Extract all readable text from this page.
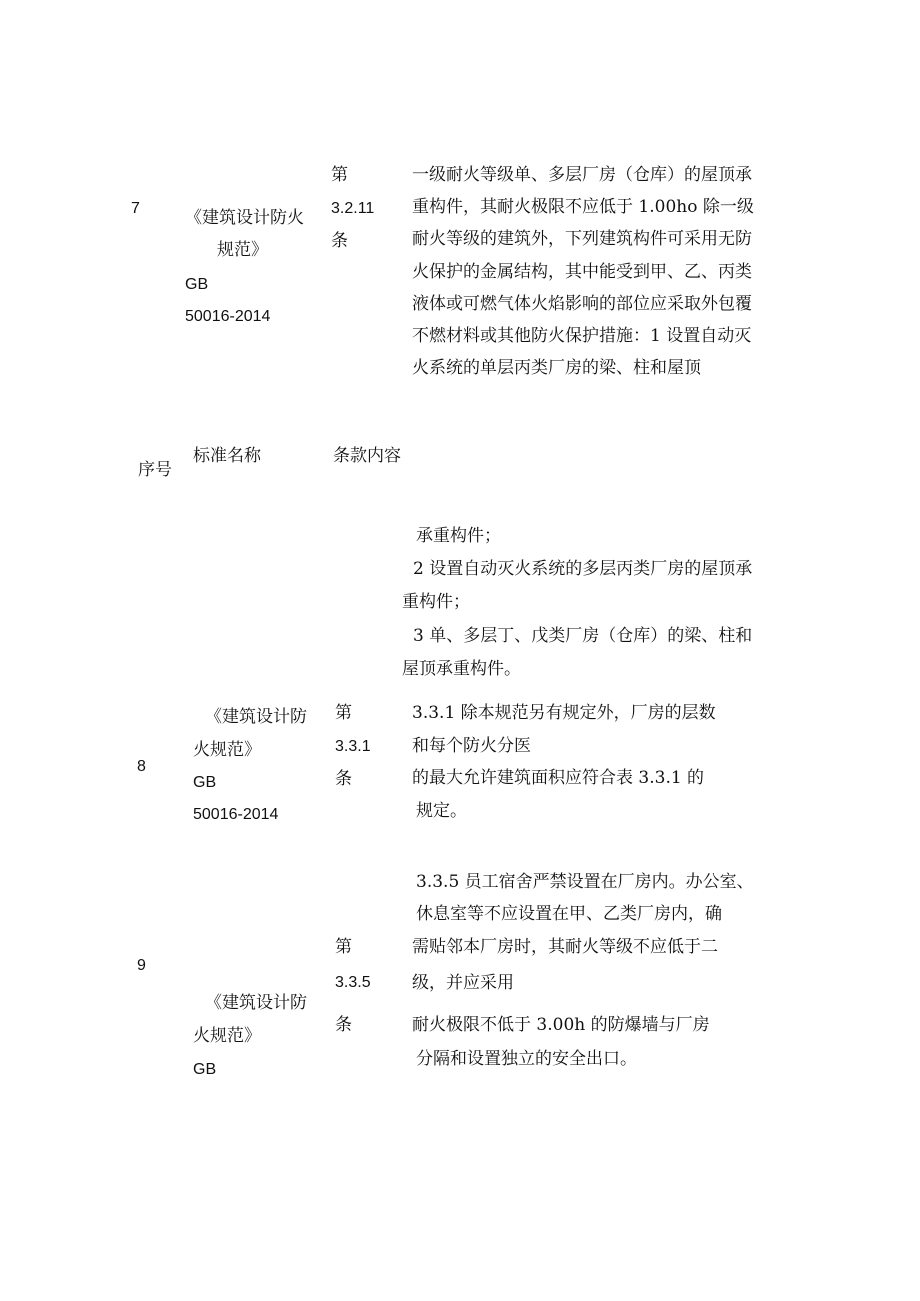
7	《建筑设计防火
规范》
GB
50016-2014
第
3.2.11
条
一级耐火等级单、多层厂房（仓库）的屋顶承
重构件，其耐火极限不应低于 1.00ho 除一级
耐火等级的建筑外，下列建筑构件可采用无防
火保护的金属结构，其中能受到甲、乙、丙类
液体或可燃气体火焰影响的部位应采取外包覆
不燃材料或其他防火保护措施：1 设置自动灭
火系统的单层丙类厂房的梁、柱和屋顶
序号
标准名称	条款内容
承重构件；
2 设置自动灭火系统的多层丙类厂房的屋顶承
重构件；
3 单、多层丁、戊类厂房（仓库）的梁、柱和
屋顶承重构件。
8
《建筑设计防
火规范》
GB
50016-2014
第
3.3.1
条
3.3.1 除本规范另有规定外，厂房的层数
和每个防火分医
的最大允许建筑面积应符合表 3.3.1 的
规定。
9
《建筑设计防
火规范》
GB
第
3.3.5
条
3.3.5 员工宿舍严禁设置在厂房内。办公室、
休息室等不应设置在甲、乙类厂房内，确
需贴邻本厂房时，其耐火等级不应低于二
级，并应采用
耐火极限不低于 3.00h 的防爆墙与厂房
分隔和设置独立的安全出口。
